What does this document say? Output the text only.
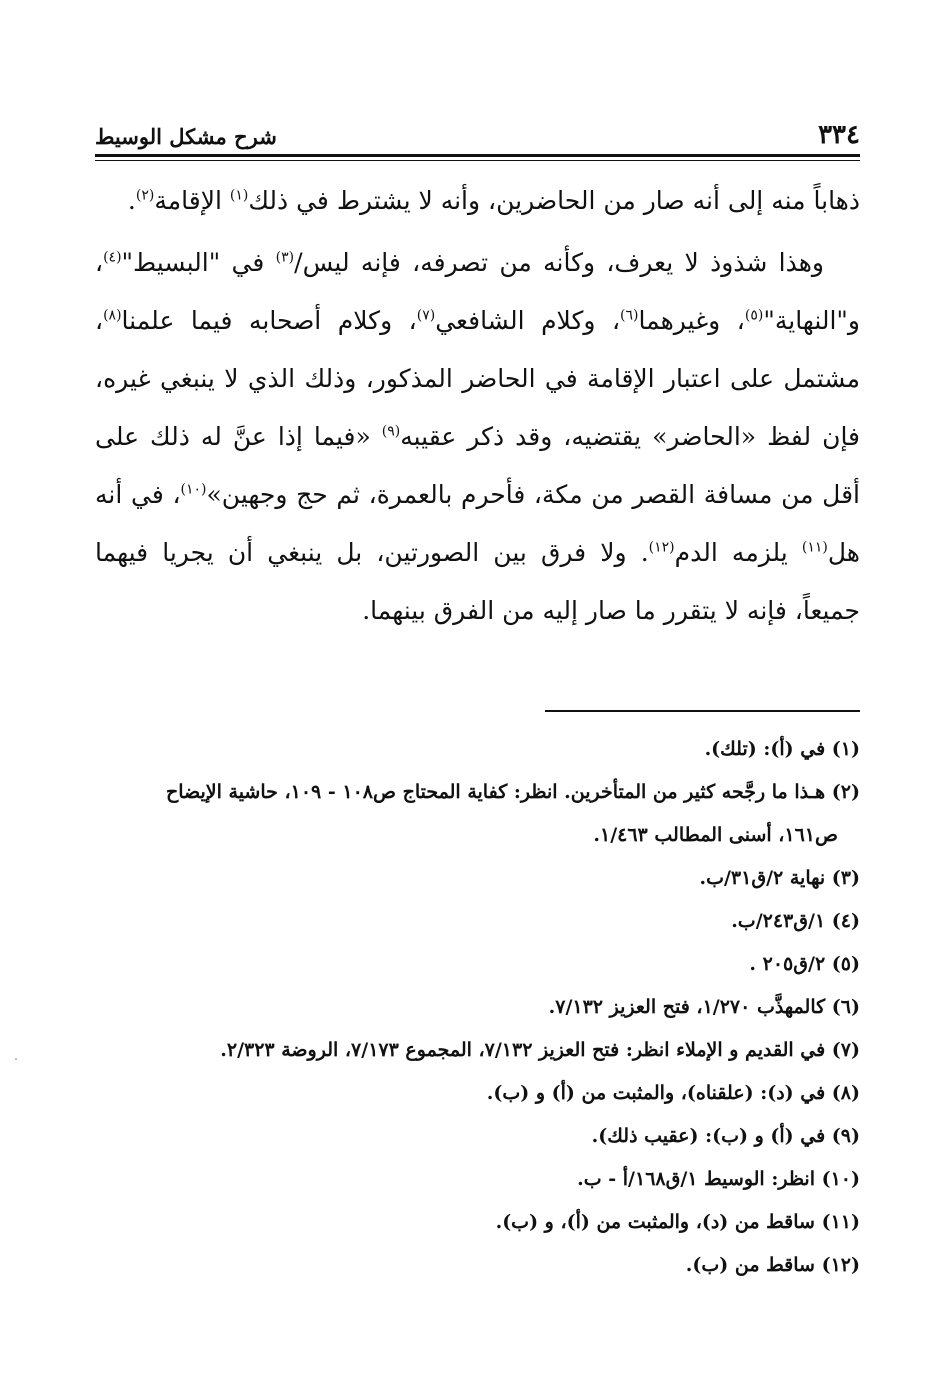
٣٣٤
شرح مشكل الوسيط

ذهاباً منه إلى أنه صار من الحاضرين، وأنه لا يشترط في ذلك$^{(١)}$ الإقامة$^{(٢)}$.

وهذا شذوذ لا يعرف، وكأنه من تصرفه، فإنه ليس/$^{(٣)}$ في "البسيط"$^{(٤)}$، و"النهاية"$^{(٥)}$، وغيرهما$^{(٦)}$، وكلام الشافعي$^{(٧)}$، وكلام أصحابه فيما علمنا$^{(٨)}$، مشتمل على اعتبار الإقامة في الحاضر المذكور، وذلك الذي لا ينبغي غيره، فإن لفظ «الحاضر» يقتضيه، وقد ذكر عقيبه$^{(٩)}$ «فيما إذا عنَّ له ذلك على أقل من مسافة القصر من مكة، فأحرم بالعمرة، ثم حج وجهين»$^{(١٠)}$، في أنه هل$^{(١١)}$ يلزمه الدم$^{(١٢)}$. ولا فرق بين الصورتين، بل ينبغي أن يجريا فيهما جميعاً، فإنه لا يتقرر ما صار إليه من الفرق بينهما.

(١) في (أ): (تلك).

(٢) هـذا ما رجَّحه كثير من المتأخرين. انظر: كفاية المحتاج ص١٠٨ - ١٠٩، حاشية الإيضاح

ص١٦١، أسنى المطالب ١/٤٦٣.

(٣) نهاية ٢/ق٣١/ب.

(٤) ١/ق٢٤٣/ب.

(٥) ٢/ق٢٠٥ .

(٦) كالمهذَّب ١/٢٧٠، فتح العزيز ٧/١٣٢.

(٧) في القديم و الإملاء انظر: فتح العزيز ٧/١٣٢، المجموع ٧/١٧٣، الروضة ٢/٣٢٣.

(٨) في (د): (علقناه)، والمثبت من (أ) و (ب).

(٩) في (أ) و (ب): (عقيب ذلك).

(١٠) انظر: الوسيط ١/ق١٦٨/أ - ب.

(١١) ساقط من (د)، والمثبت من (أ)، و (ب).

(١٢) ساقط من (ب).
